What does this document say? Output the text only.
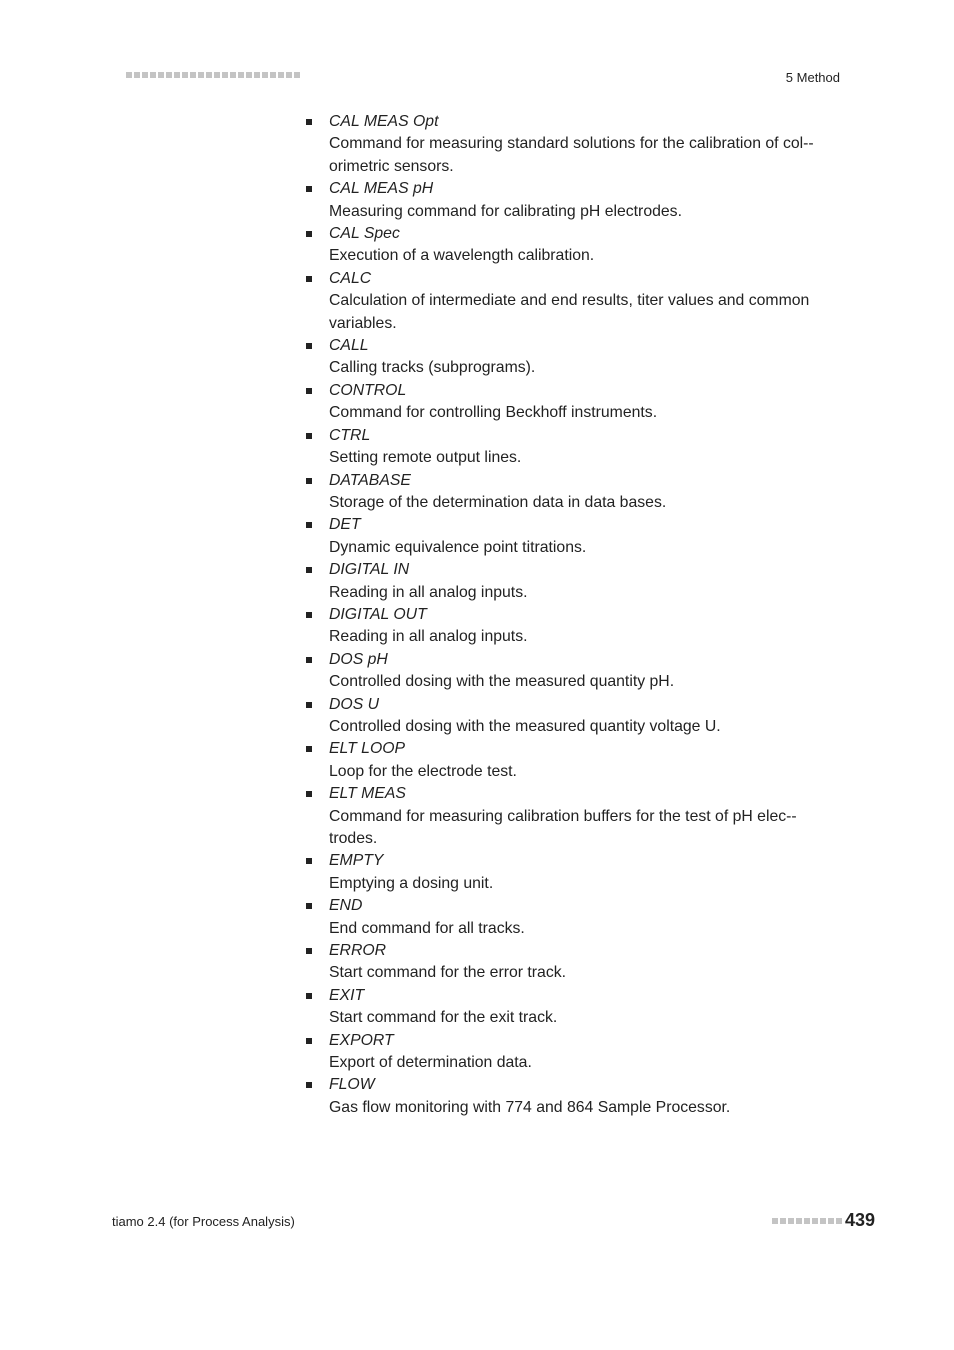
5 Method
CAL MEAS Opt
Command for measuring standard solutions for the calibration of col-orimetric sensors.
CAL MEAS pH
Measuring command for calibrating pH electrodes.
CAL Spec
Execution of a wavelength calibration.
CALC
Calculation of intermediate and end results, titer values and common variables.
CALL
Calling tracks (subprograms).
CONTROL
Command for controlling Beckhoff instruments.
CTRL
Setting remote output lines.
DATABASE
Storage of the determination data in data bases.
DET
Dynamic equivalence point titrations.
DIGITAL IN
Reading in all analog inputs.
DIGITAL OUT
Reading in all analog inputs.
DOS pH
Controlled dosing with the measured quantity pH.
DOS U
Controlled dosing with the measured quantity voltage U.
ELT LOOP
Loop for the electrode test.
ELT MEAS
Command for measuring calibration buffers for the test of pH elec-trodes.
EMPTY
Emptying a dosing unit.
END
End command for all tracks.
ERROR
Start command for the error track.
EXIT
Start command for the exit track.
EXPORT
Export of determination data.
FLOW
Gas flow monitoring with 774 and 864 Sample Processor.
tiamo 2.4 (for Process Analysis)	439
